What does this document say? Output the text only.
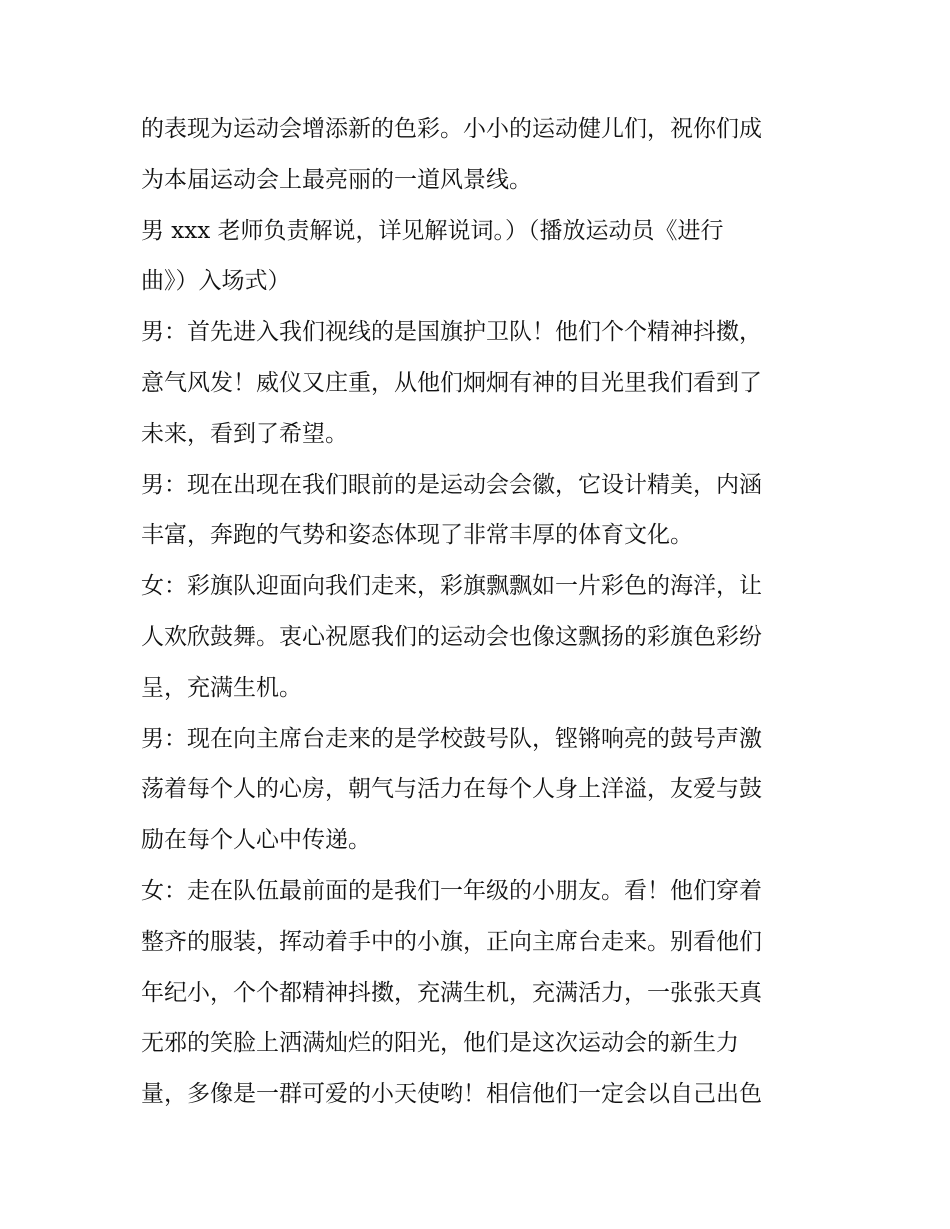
的表现为运动会增添新的色彩。小小的运动健儿们，祝你们成
为本届运动会上最亮丽的一道风景线。
男 xxx 老师负责解说，详见解说词。）（播放运动员《进行
曲》）入场式）
男：首先进入我们视线的是国旗护卫队！他们个个精神抖擞，
意气风发！威仪又庄重，从他们炯炯有神的目光里我们看到了
未来，看到了希望。
男：现在出现在我们眼前的是运动会会徽，它设计精美，内涵
丰富，奔跑的气势和姿态体现了非常丰厚的体育文化。
女：彩旗队迎面向我们走来，彩旗飘飘如一片彩色的海洋，让
人欢欣鼓舞。衷心祝愿我们的运动会也像这飘扬的彩旗色彩纷
呈，充满生机。
男：现在向主席台走来的是学校鼓号队，铿锵响亮的鼓号声激
荡着每个人的心房，朝气与活力在每个人身上洋溢，友爱与鼓
励在每个人心中传递。
女：走在队伍最前面的是我们一年级的小朋友。看！他们穿着
整齐的服装，挥动着手中的小旗，正向主席台走来。别看他们
年纪小，个个都精神抖擞，充满生机，充满活力，一张张天真
无邪的笑脸上洒满灿烂的阳光，他们是这次运动会的新生力
量，多像是一群可爱的小天使哟！相信他们一定会以自己出色
